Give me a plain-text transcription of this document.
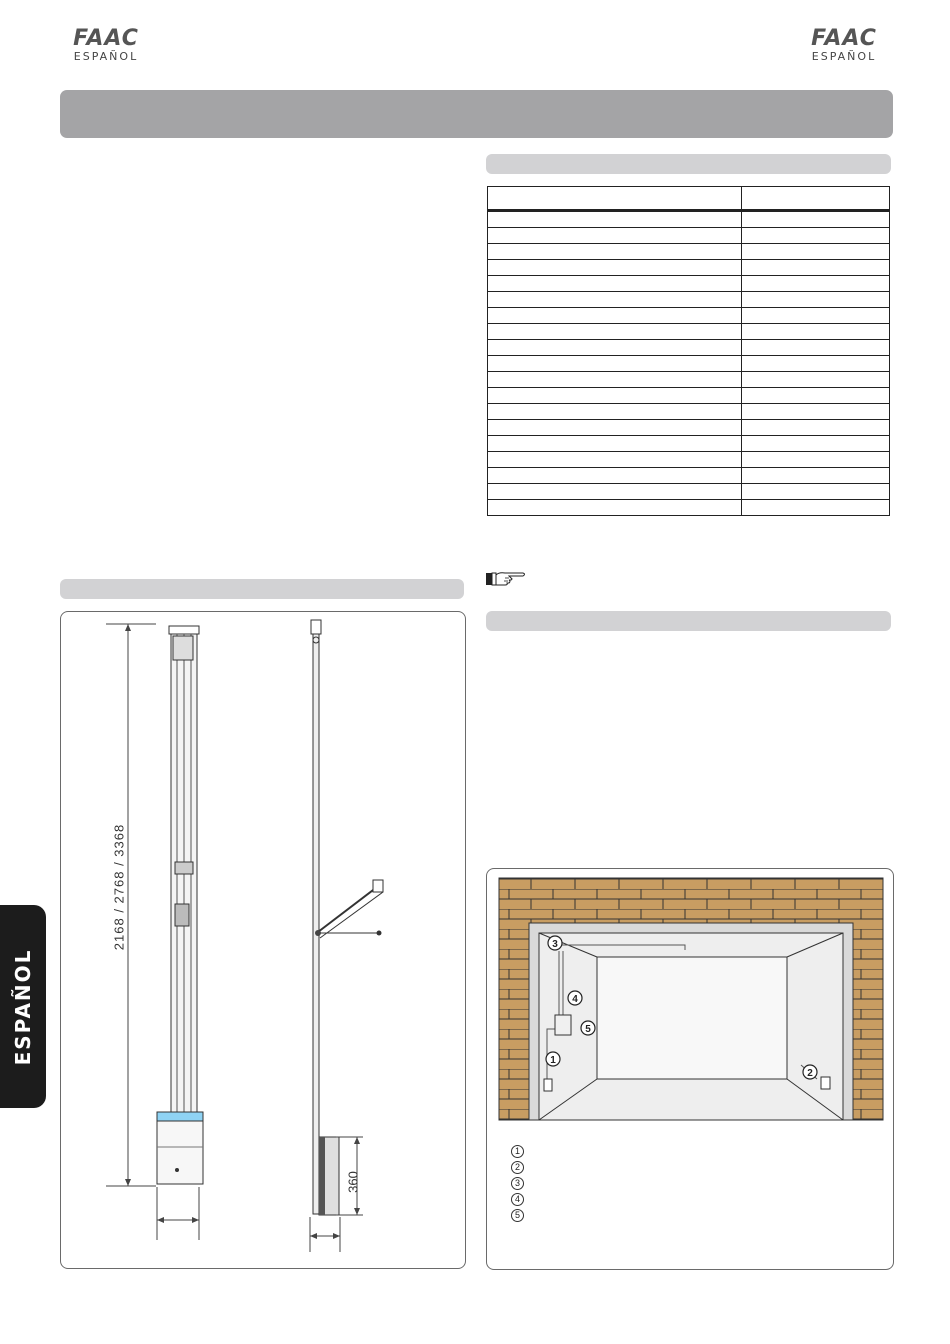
FAAC
ESPAÑOL
FAAC
ESPAÑOL

2168 / 2768 / 3368
360
3
4
5
1
2
1
2
3
4
5
ESPAÑOL
